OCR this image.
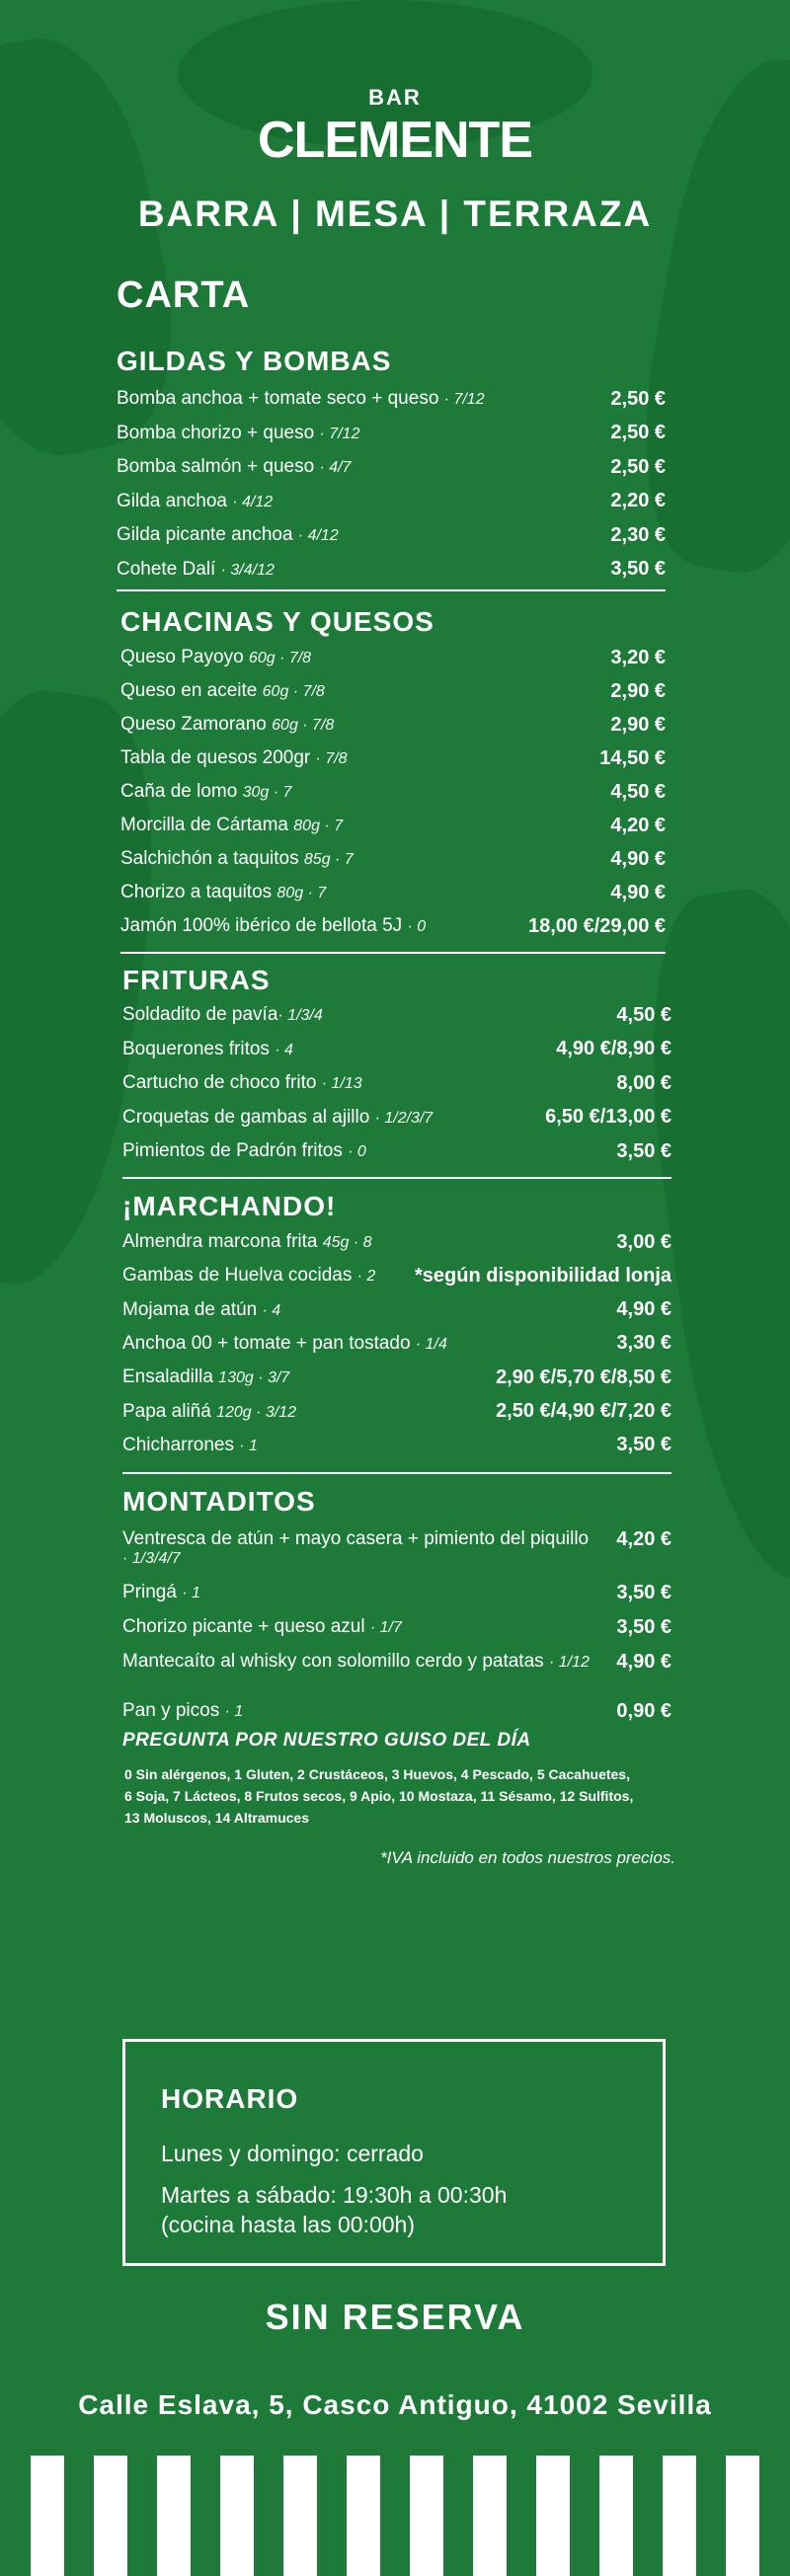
BAR
CLEMENTE
BARRA | MESA | TERRAZA
CARTA
GILDAS Y BOMBAS
Bomba anchoa + tomate seco + queso · 7/12	2,50 €
Bomba chorizo + queso · 7/12	2,50 €
Bomba salmón + queso · 4/7	2,50 €
Gilda anchoa · 4/12	2,20 €
Gilda picante anchoa · 4/12	2,30 €
Cohete Dalí · 3/4/12	3,50 €
CHACINAS Y QUESOS
Queso Payoyo 60g · 7/8	3,20 €
Queso en aceite 60g · 7/8	2,90 €
Queso Zamorano 60g · 7/8	2,90 €
Tabla de quesos 200gr · 7/8	14,50 €
Caña de lomo 30g · 7	4,50 €
Morcilla de Cártama 80g · 7	4,20 €
Salchichón a taquitos 85g · 7	4,90 €
Chorizo a taquitos 80g · 7	4,90 €
Jamón 100% ibérico de bellota 5J · 0	18,00 €/29,00 €
FRITURAS
Soldadito de pavía· 1/3/4	4,50 €
Boquerones fritos · 4	4,90 €/8,90 €
Cartucho de choco frito · 1/13	8,00 €
Croquetas de gambas al ajillo · 1/2/3/7	6,50 €/13,00 €
Pimientos de Padrón fritos · 0	3,50 €
¡MARCHANDO!
Almendra marcona frita 45g · 8	3,00 €
Gambas de Huelva cocidas · 2 *según disponibilidad lonja
Mojama de atún · 4	4,90 €
Anchoa 00 + tomate + pan tostado · 1/4	3,30 €
Ensaladilla 130g · 3/7	2,90 €/5,70 €/8,50 €
Papa aliñá 120g · 3/12	2,50 €/4,90 €/7,20 €
Chicharrones · 1	3,50 €
MONTADITOS
Ventresca de atún + mayo casera + pimiento del piquillo 4,20 €
· 1/3/4/7
Pringá · 1	3,50 €
Chorizo picante + queso azul · 1/7	3,50 €
Mantecaíto al whisky con solomillo cerdo y patatas · 1/12 4,90 €
Pan y picos · 1	0,90 €
PREGUNTA POR NUESTRO GUISO DEL DÍA
0 Sin alérgenos, 1 Gluten, 2 Crustáceos, 3 Huevos, 4 Pescado, 5 Cacahuetes, 6 Soja, 7 Lácteos, 8 Frutos secos, 9 Apio, 10 Mostaza, 11 Sésamo, 12 Sulfitos, 13 Moluscos, 14 Altramuces
*IVA incluido en todos nuestros precios.
HORARIO
Lunes y domingo: cerrado
Martes a sábado: 19:30h a 00:30h
(cocina hasta las 00:00h)
SIN RESERVA
Calle Eslava, 5, Casco Antiguo, 41002 Sevilla
